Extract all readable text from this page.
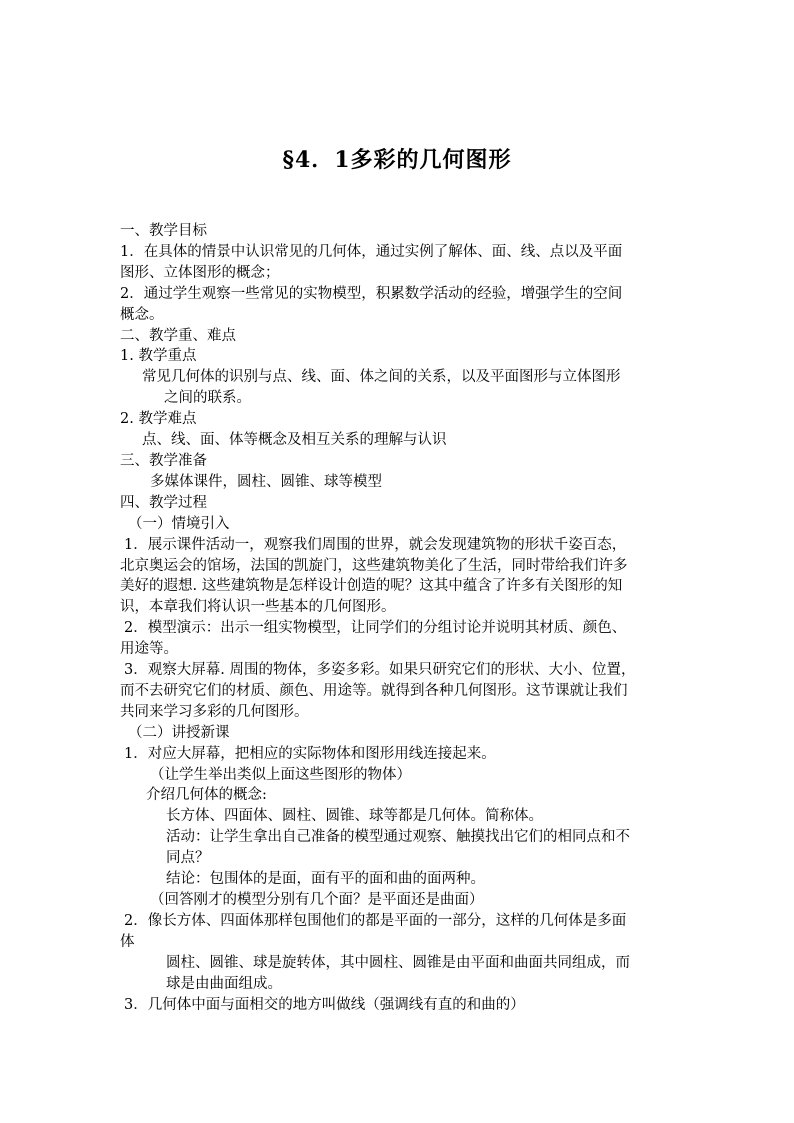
§4．1多彩的几何图形

一、教学目标

1．在具体的情景中认识常见的几何体，通过实例了解体、面、线、点以及平面

图形、立体图形的概念；

2．通过学生观察一些常见的实物模型，积累数学活动的经验，增强学生的空间

概念。

二、教学重、难点

1. 教学重点

常见几何体的识别与点、线、面、体之间的关系，以及平面图形与立体图形

之间的联系。

2. 教学难点

点、线、面、体等概念及相互关系的理解与认识

三、教学准备

多媒体课件，圆柱、圆锥、球等模型

四、教学过程

（一）情境引入

1．展示课件活动一，观察我们周围的世界，就会发现建筑物的形状千姿百态，

北京奥运会的馆场，法国的凯旋门，这些建筑物美化了生活，同时带给我们许多

美好的遐想. 这些建筑物是怎样设计创造的呢？这其中蕴含了许多有关图形的知

识，本章我们将认识一些基本的几何图形。

2．模型演示：出示一组实物模型，让同学们的分组讨论并说明其材质、颜色、

用途等。

3．观察大屏幕. 周围的物体，多姿多彩。如果只研究它们的形状、大小、位置，

而不去研究它们的材质、颜色、用途等。就得到各种几何图形。这节课就让我们

共同来学习多彩的几何图形。

（二）讲授新课

1．对应大屏幕，把相应的实际物体和图形用线连接起来。

（让学生举出类似上面这些图形的物体）

介绍几何体的概念:

长方体、四面体、圆柱、圆锥、球等都是几何体。简称体。

活动：让学生拿出自己准备的模型通过观察、触摸找出它们的相同点和不

同点？

结论：包围体的是面，面有平的面和曲的面两种。

（回答刚才的模型分别有几个面？是平面还是曲面）

2．像长方体、四面体那样包围他们的都是平面的一部分，这样的几何体是多面

体

圆柱、圆锥、球是旋转体，其中圆柱、圆锥是由平面和曲面共同组成，而

球是由曲面组成。

3．几何体中面与面相交的地方叫做线（强调线有直的和曲的）
